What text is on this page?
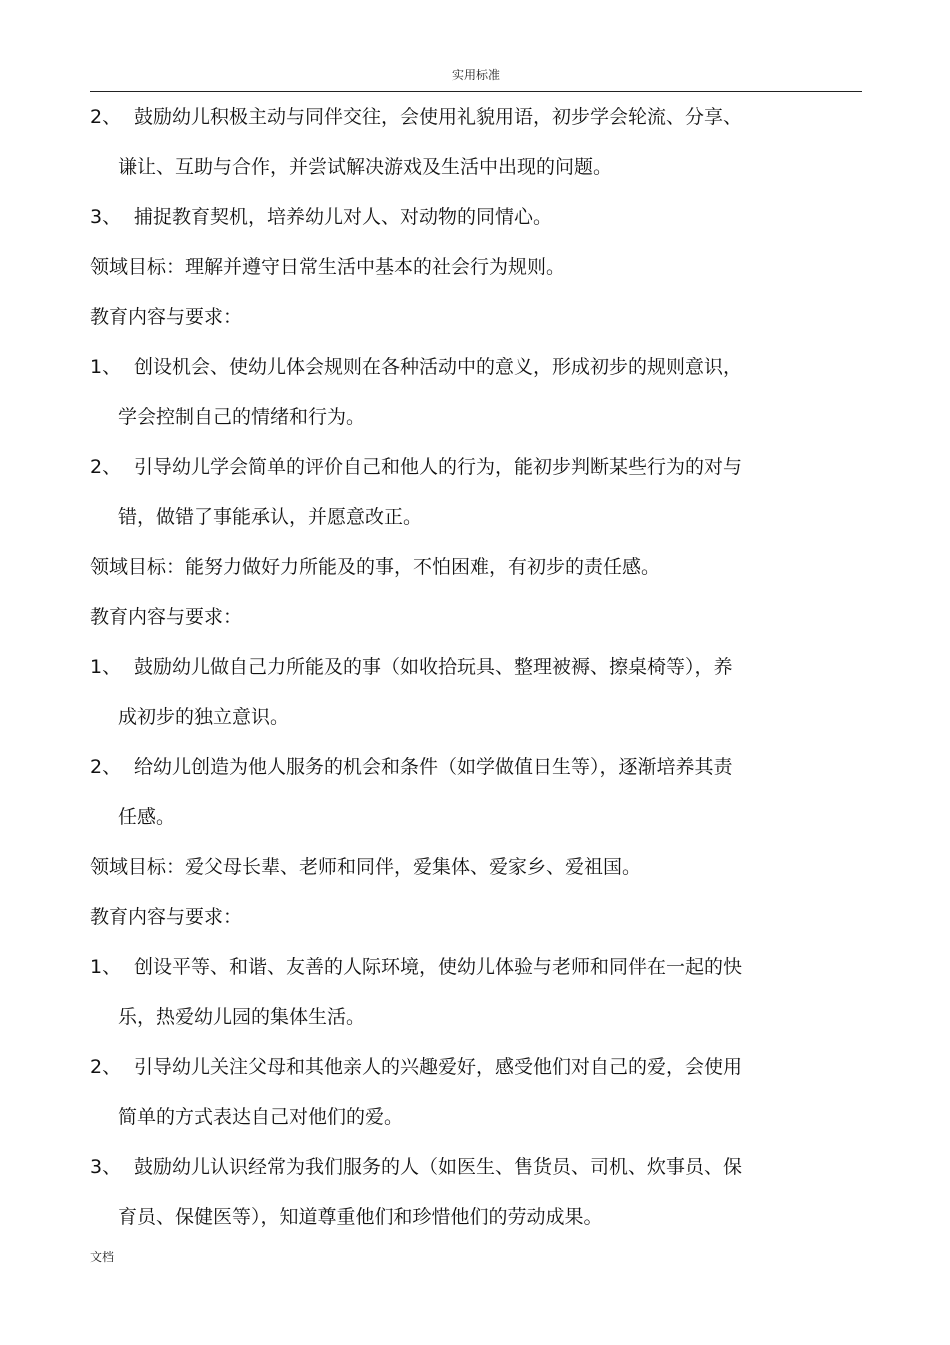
实用标准
2、 鼓励幼儿积极主动与同伴交往，会使用礼貌用语，初步学会轮流、分享、
谦让、互助与合作，并尝试解决游戏及生活中出现的问题。
3、 捕捉教育契机，培养幼儿对人、对动物的同情心。
领域目标：理解并遵守日常生活中基本的社会行为规则。
教育内容与要求：
1、 创设机会、使幼儿体会规则在各种活动中的意义，形成初步的规则意识，
学会控制自己的情绪和行为。
2、 引导幼儿学会简单的评价自己和他人的行为，能初步判断某些行为的对与
错，做错了事能承认，并愿意改正。
领域目标：能努力做好力所能及的事，不怕困难，有初步的责任感。
教育内容与要求：
1、 鼓励幼儿做自己力所能及的事（如收拾玩具、整理被褥、擦桌椅等），养
成初步的独立意识。
2、 给幼儿创造为他人服务的机会和条件（如学做值日生等），逐渐培养其责
任感。
领域目标：爱父母长辈、老师和同伴，爱集体、爱家乡、爱祖国。
教育内容与要求：
1、 创设平等、和谐、友善的人际环境，使幼儿体验与老师和同伴在一起的快
乐，热爱幼儿园的集体生活。
2、 引导幼儿关注父母和其他亲人的兴趣爱好，感受他们对自己的爱，会使用
简单的方式表达自己对他们的爱。
3、 鼓励幼儿认识经常为我们服务的人（如医生、售货员、司机、炊事员、保
育员、保健医等），知道尊重他们和珍惜他们的劳动成果。
文档
